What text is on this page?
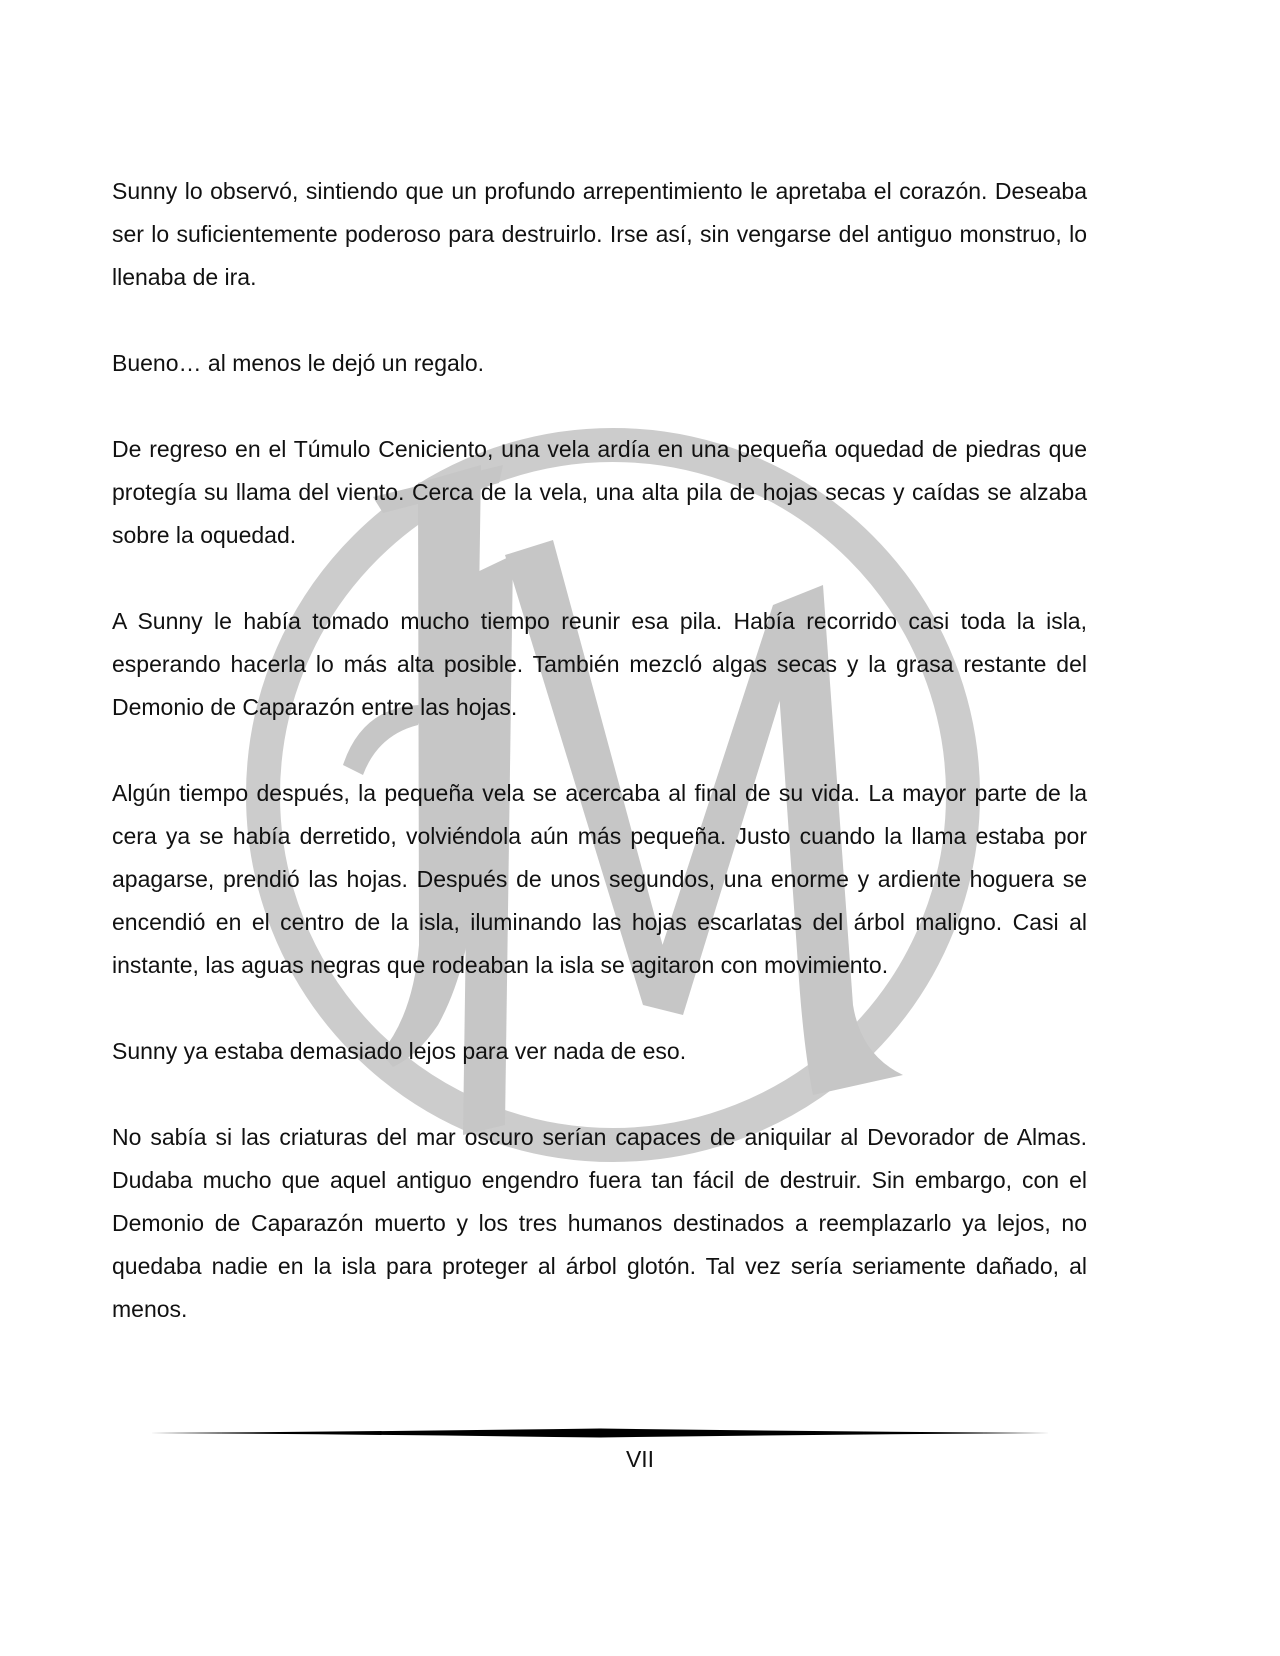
Sunny lo observó, sintiendo que un profundo arrepentimiento le apretaba el corazón. Deseaba ser lo suficientemente poderoso para destruirlo. Irse así, sin vengarse del antiguo monstruo, lo llenaba de ira.

Bueno… al menos le dejó un regalo.

De regreso en el Túmulo Ceniciento, una vela ardía en una pequeña oquedad de piedras que protegía su llama del viento. Cerca de la vela, una alta pila de hojas secas y caídas se alzaba sobre la oquedad.

A Sunny le había tomado mucho tiempo reunir esa pila. Había recorrido casi toda la isla, esperando hacerla lo más alta posible. También mezcló algas secas y la grasa restante del Demonio de Caparazón entre las hojas.

Algún tiempo después, la pequeña vela se acercaba al final de su vida. La mayor parte de la cera ya se había derretido, volviéndola aún más pequeña. Justo cuando la llama estaba por apagarse, prendió las hojas. Después de unos segundos, una enorme y ardiente hoguera se encendió en el centro de la isla, iluminando las hojas escarlatas del árbol maligno. Casi al instante, las aguas negras que rodeaban la isla se agitaron con movimiento.

Sunny ya estaba demasiado lejos para ver nada de eso.

No sabía si las criaturas del mar oscuro serían capaces de aniquilar al Devorador de Almas. Dudaba mucho que aquel antiguo engendro fuera tan fácil de destruir. Sin embargo, con el Demonio de Caparazón muerto y los tres humanos destinados a reemplazarlo ya lejos, no quedaba nadie en la isla para proteger al árbol glotón. Tal vez sería seriamente dañado, al menos.

VII
